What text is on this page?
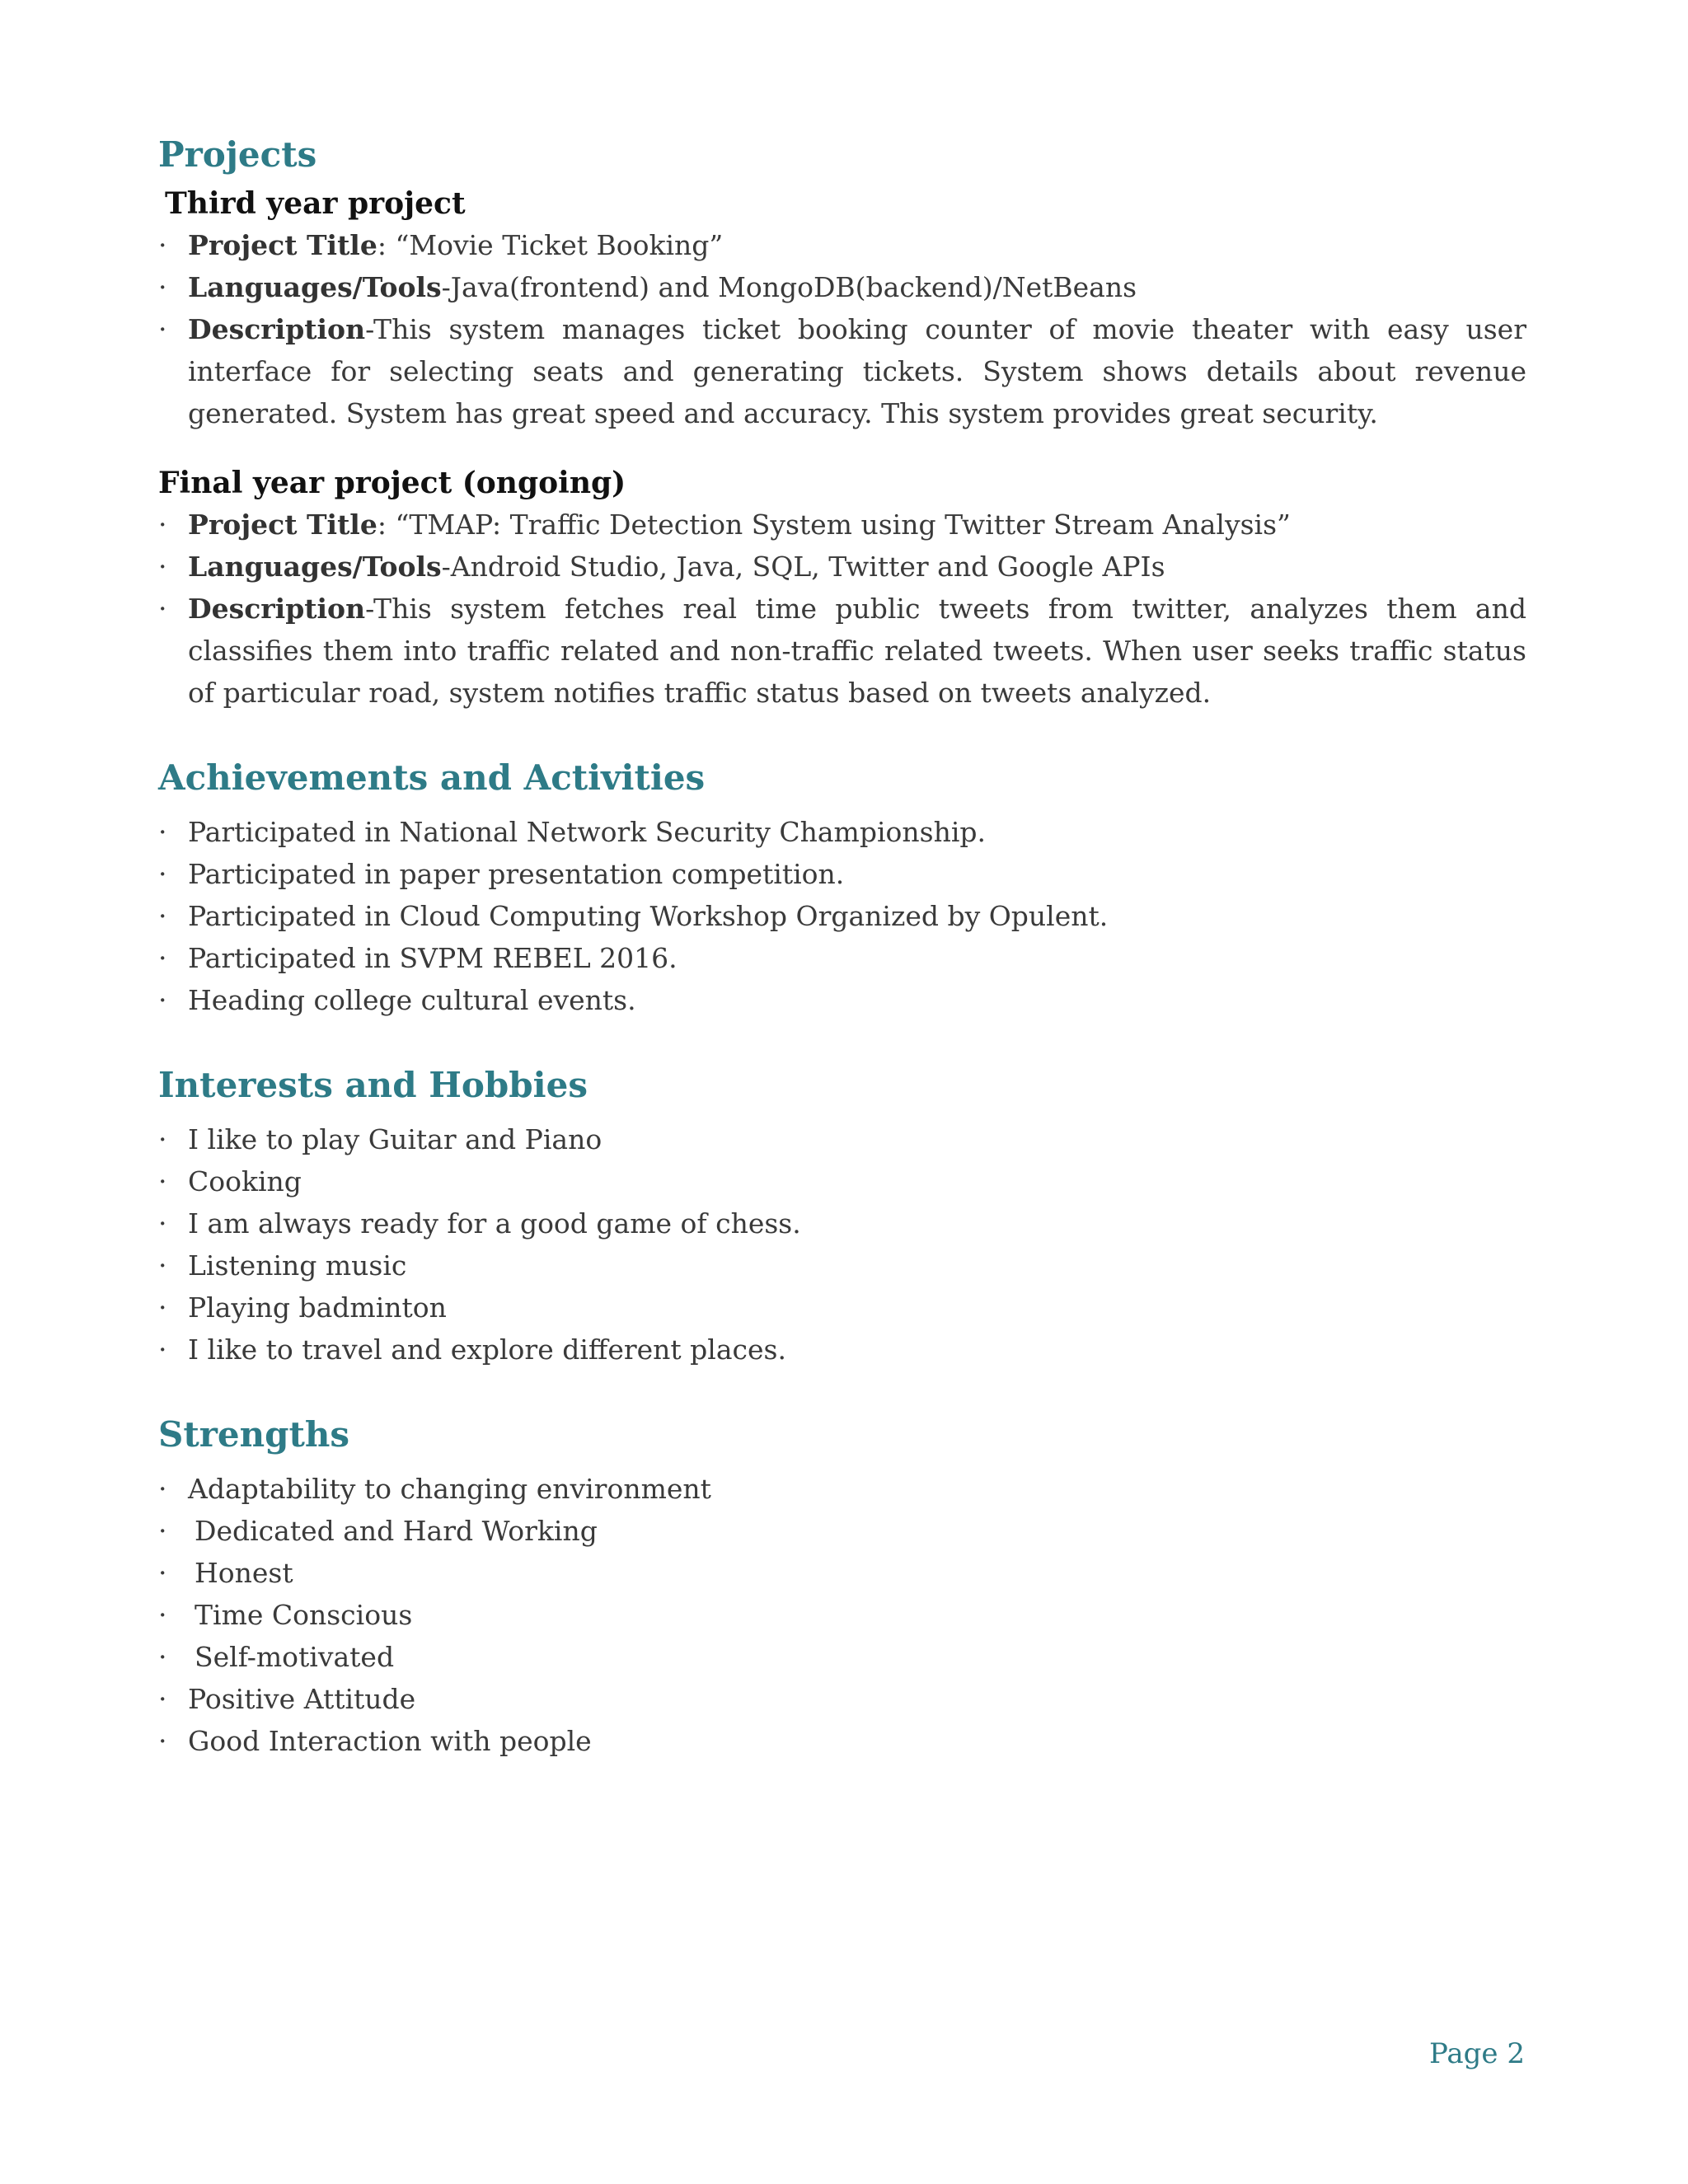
Projects
Third year project
· Project Title: “Movie Ticket Booking”
· Languages/Tools-Java(frontend) and MongoDB(backend)/NetBeans
· Description-This system manages ticket booking counter of movie theater with easy user interface for selecting seats and generating tickets. System shows details about revenue generated. System has great speed and accuracy. This system provides great security.
Final year project (ongoing)
· Project Title: “TMAP: Traffic Detection System using Twitter Stream Analysis”
· Languages/Tools-Android Studio, Java, SQL, Twitter and Google APIs
· Description-This system fetches real time public tweets from twitter, analyzes them and classifies them into traffic related and non-traffic related tweets. When user seeks traffic status of particular road, system notifies traffic status based on tweets analyzed.
Achievements and Activities
· Participated in National Network Security Championship.
· Participated in paper presentation competition.
· Participated in Cloud Computing Workshop Organized by Opulent.
· Participated in SVPM REBEL 2016.
· Heading college cultural events.
Interests and Hobbies
· I like to play Guitar and Piano
· Cooking
· I am always ready for a good game of chess.
· Listening music
· Playing badminton
· I like to travel and explore different places.
Strengths
· Adaptability to changing environment
· Dedicated and Hard Working
· Honest
· Time Conscious
· Self-motivated
· Positive Attitude
· Good Interaction with people
Page 2
